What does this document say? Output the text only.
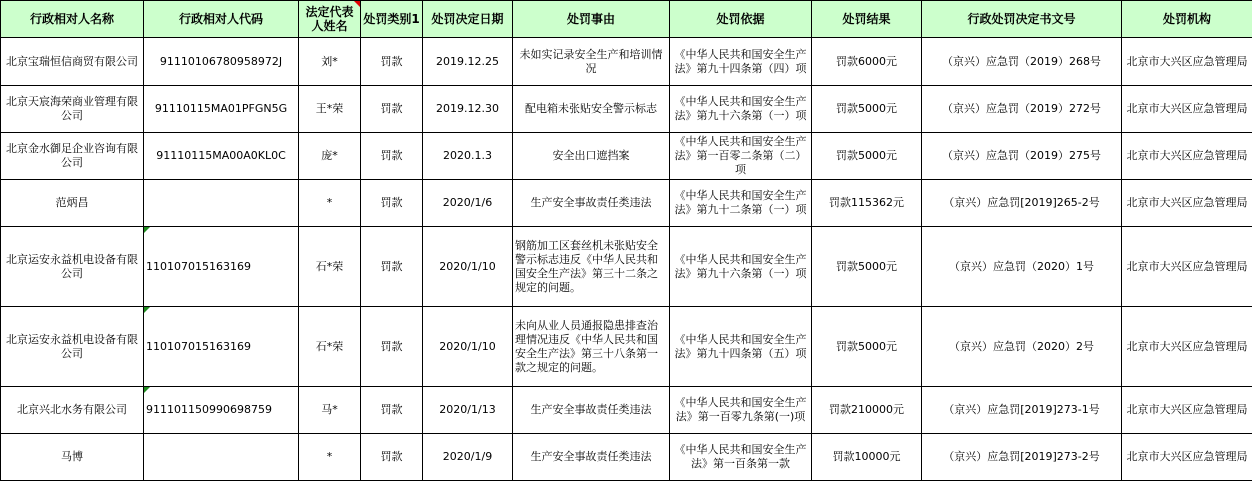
行政相对人名称	行政相对人代码	法定代表人姓名	处罚类别1	处罚决定日期	处罚事由	处罚依据	处罚结果	行政处罚决定书文号	处罚机构
北京宝瑞恒信商贸有限公司	91110106780958972J	刘*	罚款	2019.12.25	未如实记录安全生产和培训情况	《中华人民共和国安全生产法》第九十四条第（四）项	罚款6000元	（京兴）应急罚（2019）268号	北京市大兴区应急管理局
北京天宸海荣商业管理有限公司	91110115MA01PFGN5G	王*荣	罚款	2019.12.30	配电箱未张贴安全警示标志	《中华人民共和国安全生产法》第九十六条第（一）项	罚款5000元	（京兴）应急罚（2019）272号	北京市大兴区应急管理局
北京金水御足企业咨询有限公司	91110115MA00A0KL0C	庞*	罚款	2020.1.3	安全出口遮挡案	《中华人民共和国安全生产法》第一百零二条第（二）项	罚款5000元	（京兴）应急罚（2019）275号	北京市大兴区应急管理局
范炳昌		*	罚款	2020/1/6	生产安全事故责任类违法	《中华人民共和国安全生产法》第九十二条第（一）项	罚款115362元	（京兴）应急罚[2019]265-2号	北京市大兴区应急管理局
北京运安永益机电设备有限公司	110107015163169	石*荣	罚款	2020/1/10	钢筋加工区套丝机未张贴安全警示标志违反《中华人民共和国安全生产法》第三十二条之规定的问题。	《中华人民共和国安全生产法》第九十六条第（一）项	罚款5000元	（京兴）应急罚（2020）1号	北京市大兴区应急管理局
北京运安永益机电设备有限公司	110107015163169	石*荣	罚款	2020/1/10	未向从业人员通报隐患排查治理情况违反《中华人民共和国安全生产法》第三十八条第一款之规定的问题。	《中华人民共和国安全生产法》第九十四条第（五）项	罚款5000元	（京兴）应急罚（2020）2号	北京市大兴区应急管理局
北京兴北水务有限公司	911101150990698759	马*	罚款	2020/1/13	生产安全事故责任类违法	《中华人民共和国安全生产法》第一百零九条第(一)项	罚款210000元	（京兴）应急罚[2019]273-1号	北京市大兴区应急管理局
马博		*	罚款	2020/1/9	生产安全事故责任类违法	《中华人民共和国安全生产法》第一百条第一款	罚款10000元	（京兴）应急罚[2019]273-2号	北京市大兴区应急管理局
